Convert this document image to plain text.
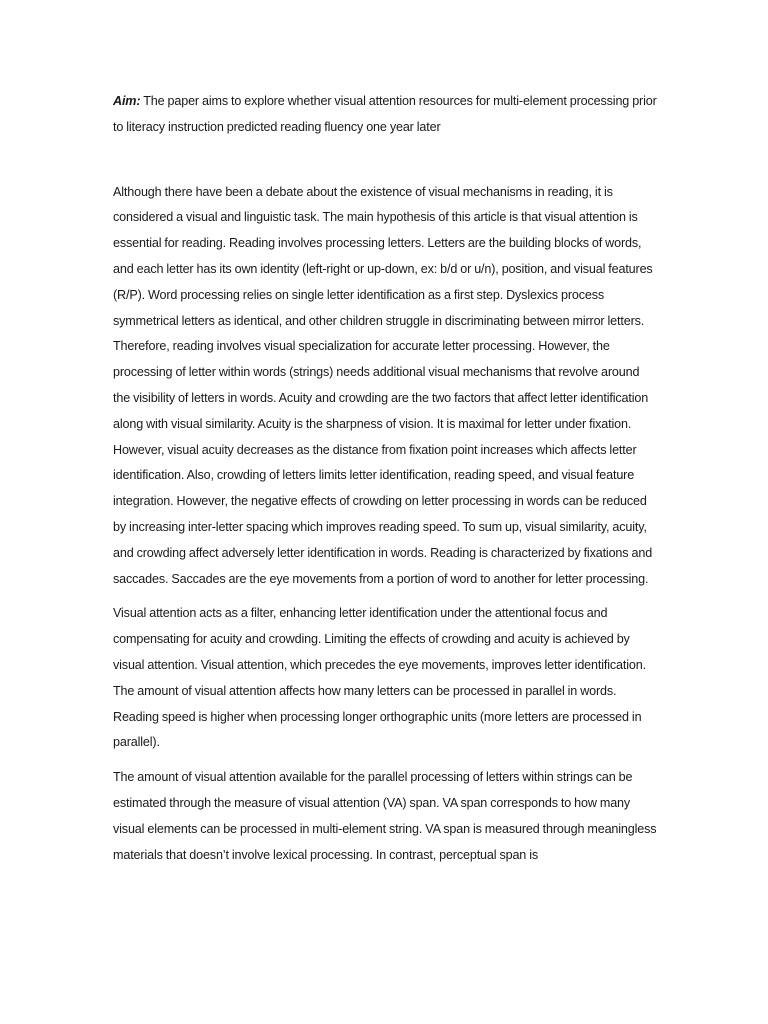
Aim: The paper aims to explore whether visual attention resources for multi-element processing prior to literacy instruction predicted reading fluency one year later

Although there have been a debate about the existence of visual mechanisms in reading, it is considered a visual and linguistic task. The main hypothesis of this article is that visual attention is essential for reading. Reading involves processing letters. Letters are the building blocks of words, and each letter has its own identity (left-right or up-down, ex: b/d or u/n), position, and visual features (R/P). Word processing relies on single letter identification as a first step. Dyslexics process symmetrical letters as identical, and other children struggle in discriminating between mirror letters. Therefore, reading involves visual specialization for accurate letter processing. However, the processing of letter within words (strings) needs additional visual mechanisms that revolve around the visibility of letters in words. Acuity and crowding are the two factors that affect letter identification along with visual similarity. Acuity is the sharpness of vision. It is maximal for letter under fixation. However, visual acuity decreases as the distance from fixation point increases which affects letter identification. Also, crowding of letters limits letter identification, reading speed, and visual feature integration. However, the negative effects of crowding on letter processing in words can be reduced by increasing inter-letter spacing which improves reading speed. To sum up, visual similarity, acuity, and crowding affect adversely letter identification in words. Reading is characterized by fixations and saccades. Saccades are the eye movements from a portion of word to another for letter processing.

Visual attention acts as a filter, enhancing letter identification under the attentional focus and compensating for acuity and crowding. Limiting the effects of crowding and acuity is achieved by visual attention. Visual attention, which precedes the eye movements, improves letter identification. The amount of visual attention affects how many letters can be processed in parallel in words. Reading speed is higher when processing longer orthographic units (more letters are processed in parallel).

The amount of visual attention available for the parallel processing of letters within strings can be estimated through the measure of visual attention (VA) span. VA span corresponds to how many visual elements can be processed in multi-element string. VA span is measured through meaningless materials that doesn’t involve lexical processing. In contrast, perceptual span is
